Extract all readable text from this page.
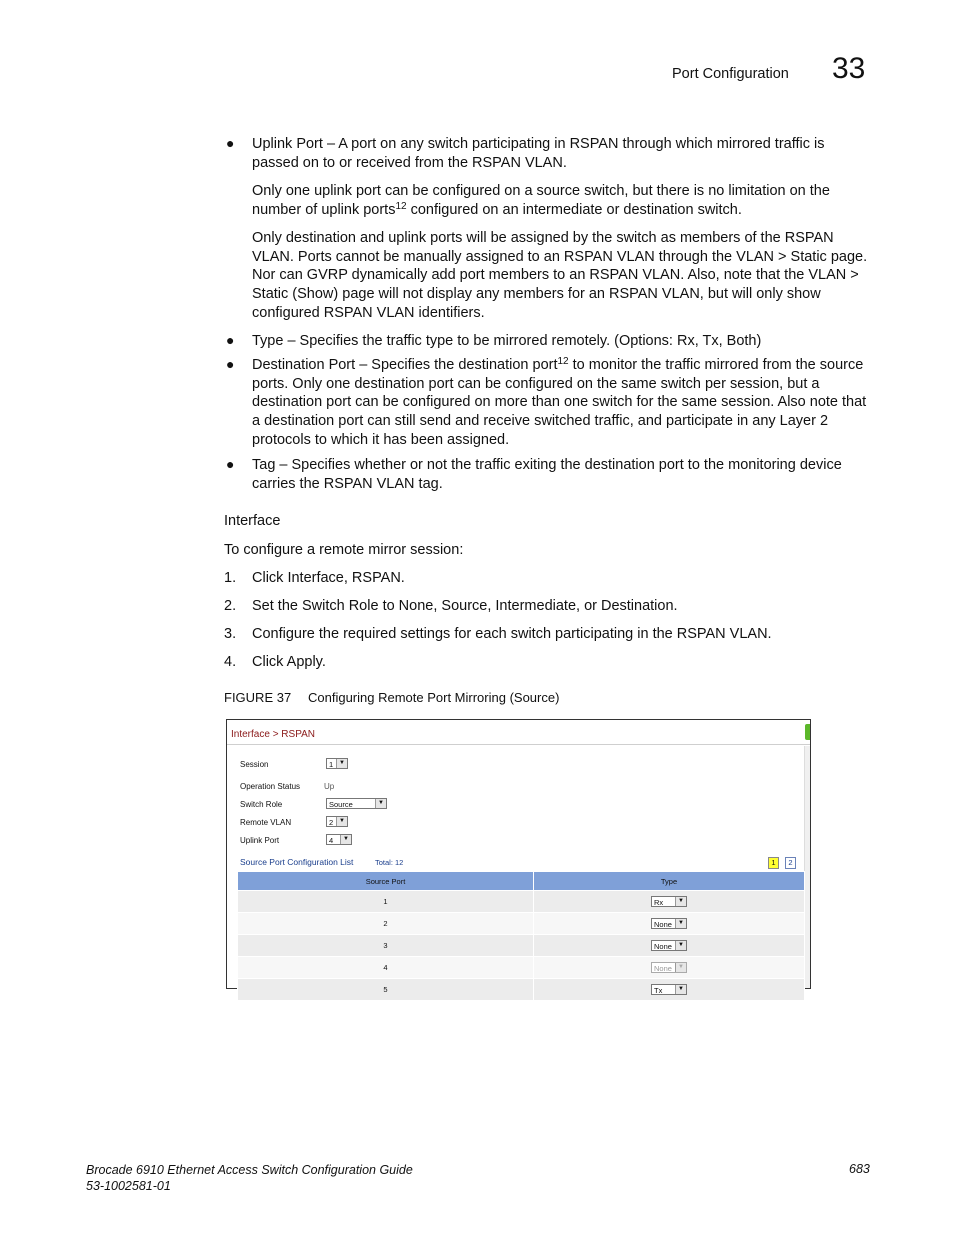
Port Configuration 33
● Uplink Port – A port on any switch participating in RSPAN through which mirrored traffic is passed on to or received from the RSPAN VLAN.
Only one uplink port can be configured on a source switch, but there is no limitation on the number of uplink ports$^{12}$ configured on an intermediate or destination switch.
Only destination and uplink ports will be assigned by the switch as members of the RSPAN VLAN. Ports cannot be manually assigned to an RSPAN VLAN through the VLAN > Static page. Nor can GVRP dynamically add port members to an RSPAN VLAN. Also, note that the VLAN > Static (Show) page will not display any members for an RSPAN VLAN, but will only show configured RSPAN VLAN identifiers.
● Type – Specifies the traffic type to be mirrored remotely. (Options: Rx, Tx, Both)
● Destination Port – Specifies the destination port$^{12}$ to monitor the traffic mirrored from the source ports. Only one destination port can be configured on the same switch per session, but a destination port can be configured on more than one switch for the same session. Also note that a destination port can still send and receive switched traffic, and participate in any Layer 2 protocols to which it has been assigned.
● Tag – Specifies whether or not the traffic exiting the destination port to the monitoring device carries the RSPAN VLAN tag.
Interface
To configure a remote mirror session:
1. Click Interface, RSPAN.
2. Set the Switch Role to None, Source, Intermediate, or Destination.
3. Configure the required settings for each switch participating in the RSPAN VLAN.
4. Click Apply.
FIGURE 37 Configuring Remote Port Mirroring (Source)
Interface > RSPAN
Session	1 ▼
Operation Status	Up
Switch Role	Source	▼
Remote VLAN	2 ▼
Uplink Port	4	▼
Source Port Configuration List	Total: 12	1	2
Source Port	Type
1	Rx ▼

2	None ▼

3	None ▼

4	None ▼

5	Tx ▼
Brocade 6910 Ethernet Access Switch Configuration Guide
53-1002581-01
683
